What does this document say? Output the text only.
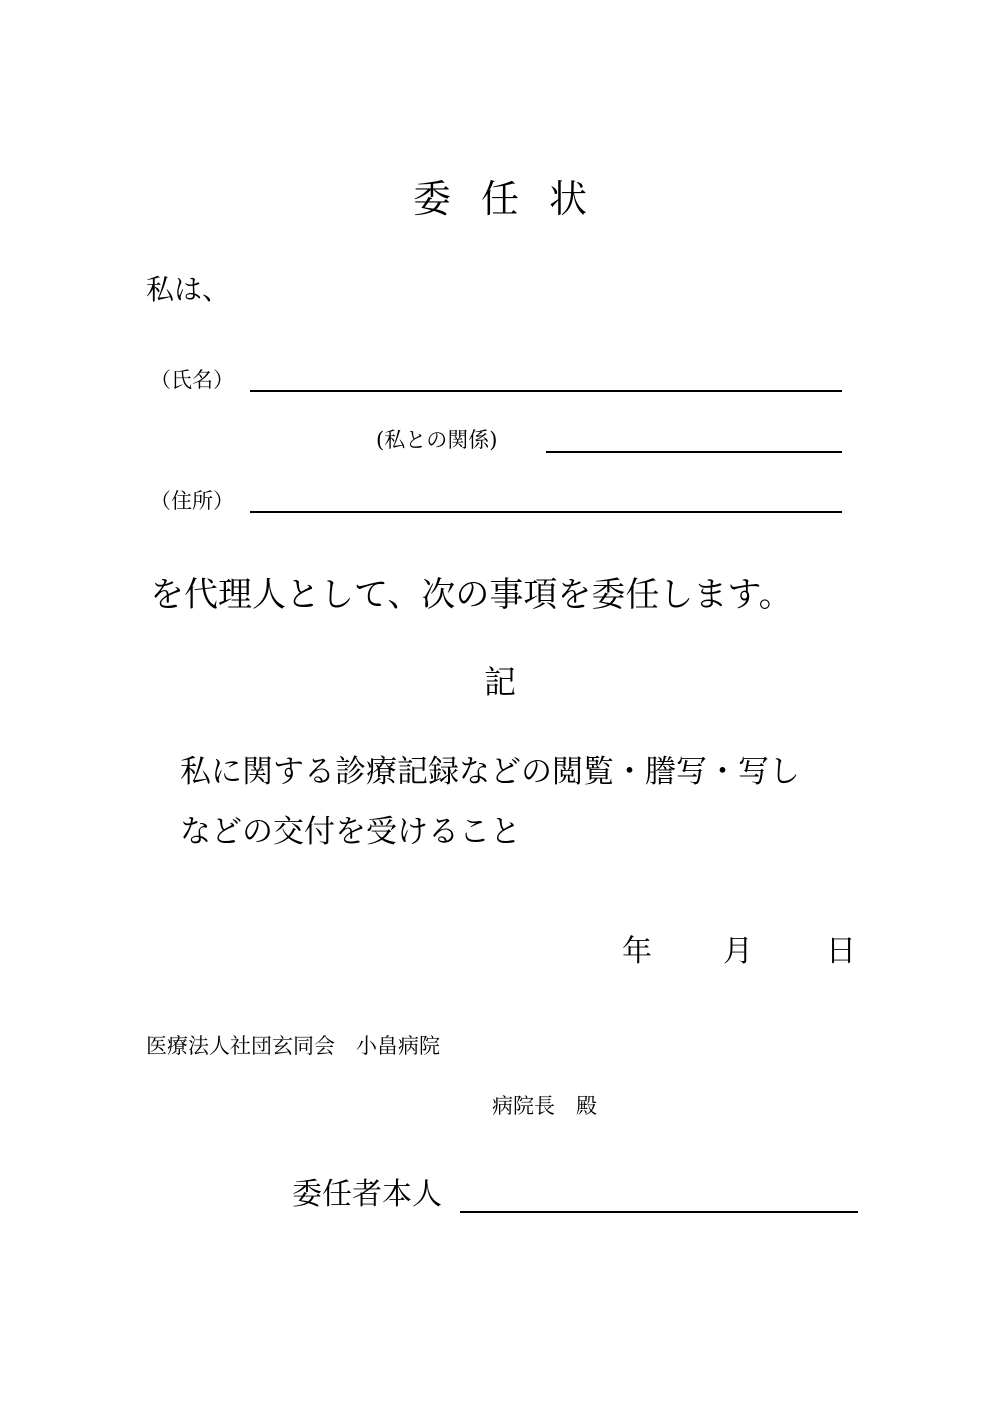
委任状
私は、
（氏名）
(私との関係)
（住所）
を代理人として、次の事項を委任します。
記
私に関する診療記録などの閲覧・謄写・写し
などの交付を受けること
年 月 日
医療法人社団玄同会　小畠病院
病院長　殿
委任者本人
